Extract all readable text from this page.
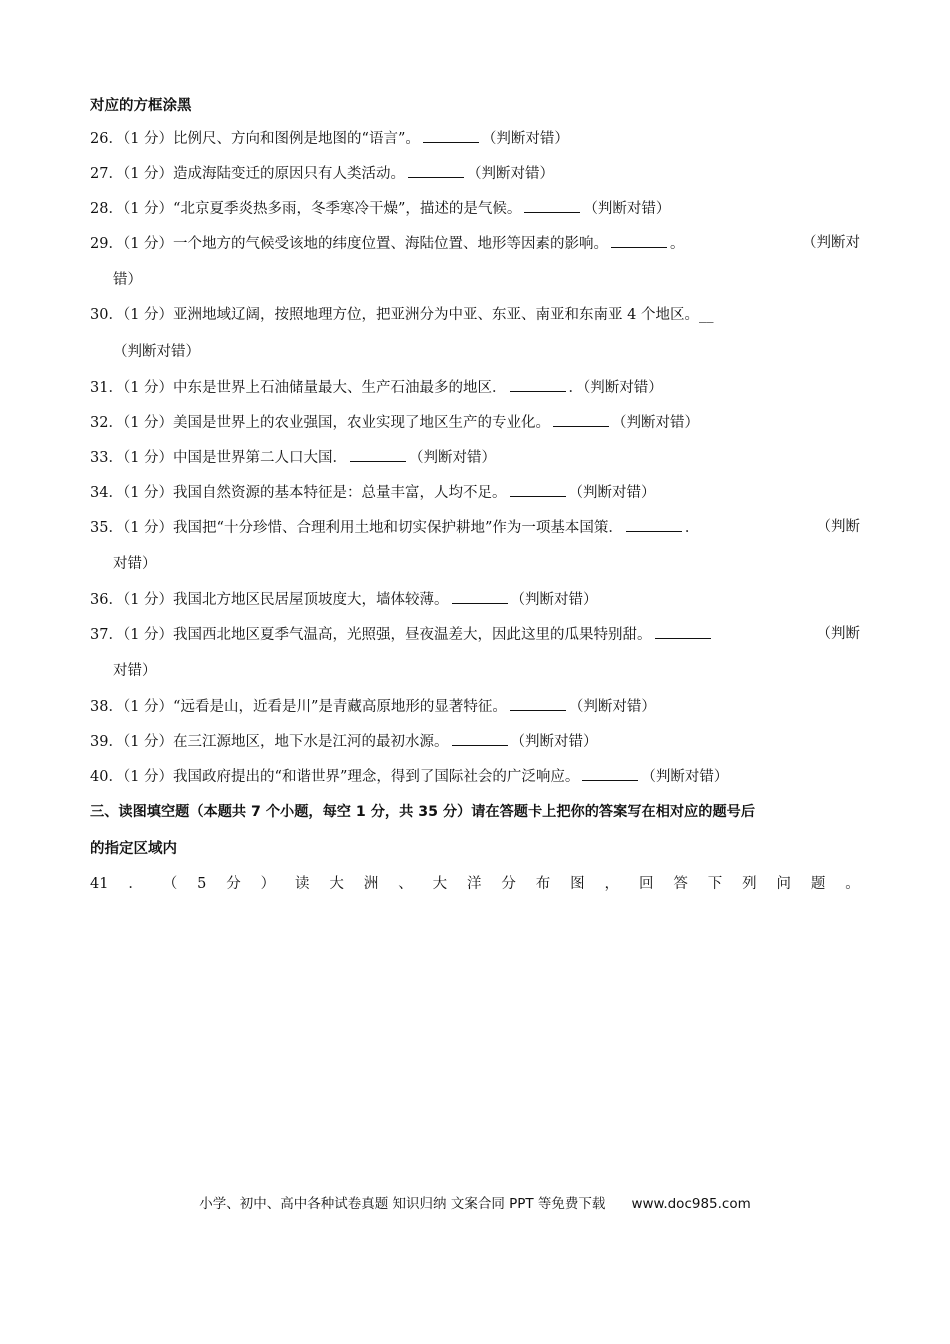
对应的方框涂黑
26．（1 分）比例尺、方向和图例是地图的“语言”。	（判断对错）
27．（1 分）造成海陆变迁的原因只有人类活动。	（判断对错）
28．（1 分）“北京夏季炎热多雨，冬季寒冷干燥”，描述的是气候。	（判断对错）
29．（1 分）一个地方的气候受该地的纬度位置、海陆位置、地形等因素的影响。	。	（判断对
错）
30．（1 分）亚洲地域辽阔，按照地理方位，把亚洲分为中亚、东亚、南亚和东南亚 4 个地区。__
（判断对错）
31．（1 分）中东是世界上石油储量最大、生产石油最多的地区．	．（判断对错）
32．（1 分）美国是世界上的农业强国，农业实现了地区生产的专业化。	（判断对错）
33．（1 分）中国是世界第二人口大国．	（判断对错）
34．（1 分）我国自然资源的基本特征是：总量丰富，人均不足。	（判断对错）
35．（1 分）我国把“十分珍惜、合理利用土地和切实保护耕地”作为一项基本国策．	．	（判断
对错）
36．（1 分）我国北方地区民居屋顶坡度大，墙体较薄。	（判断对错）
37．（1 分）我国西北地区夏季气温高，光照强，昼夜温差大，因此这里的瓜果特别甜。	（判断
对错）
38．（1 分）“远看是山，近看是川”是青藏高原地形的显著特征。	（判断对错）
39．（1 分）在三江源地区，地下水是江河的最初水源。	（判断对错）
40．（1 分）我国政府提出的“和谐世界”理念，得到了国际社会的广泛响应。	（判断对错）
三、读图填空题（本题共 7 个小题，每空 1 分，共 35 分）请在答题卡上把你的答案写在相对应的题号后
的指定区域内
41 ． （ 5 分 ） 读 大 洲 、 大 洋 分 布 图 ， 回 答 下 列 问 题 。
小学、初中、高中各种试卷真题 知识归纳 文案合同 PPT 等免费下载 www.doc985.com
